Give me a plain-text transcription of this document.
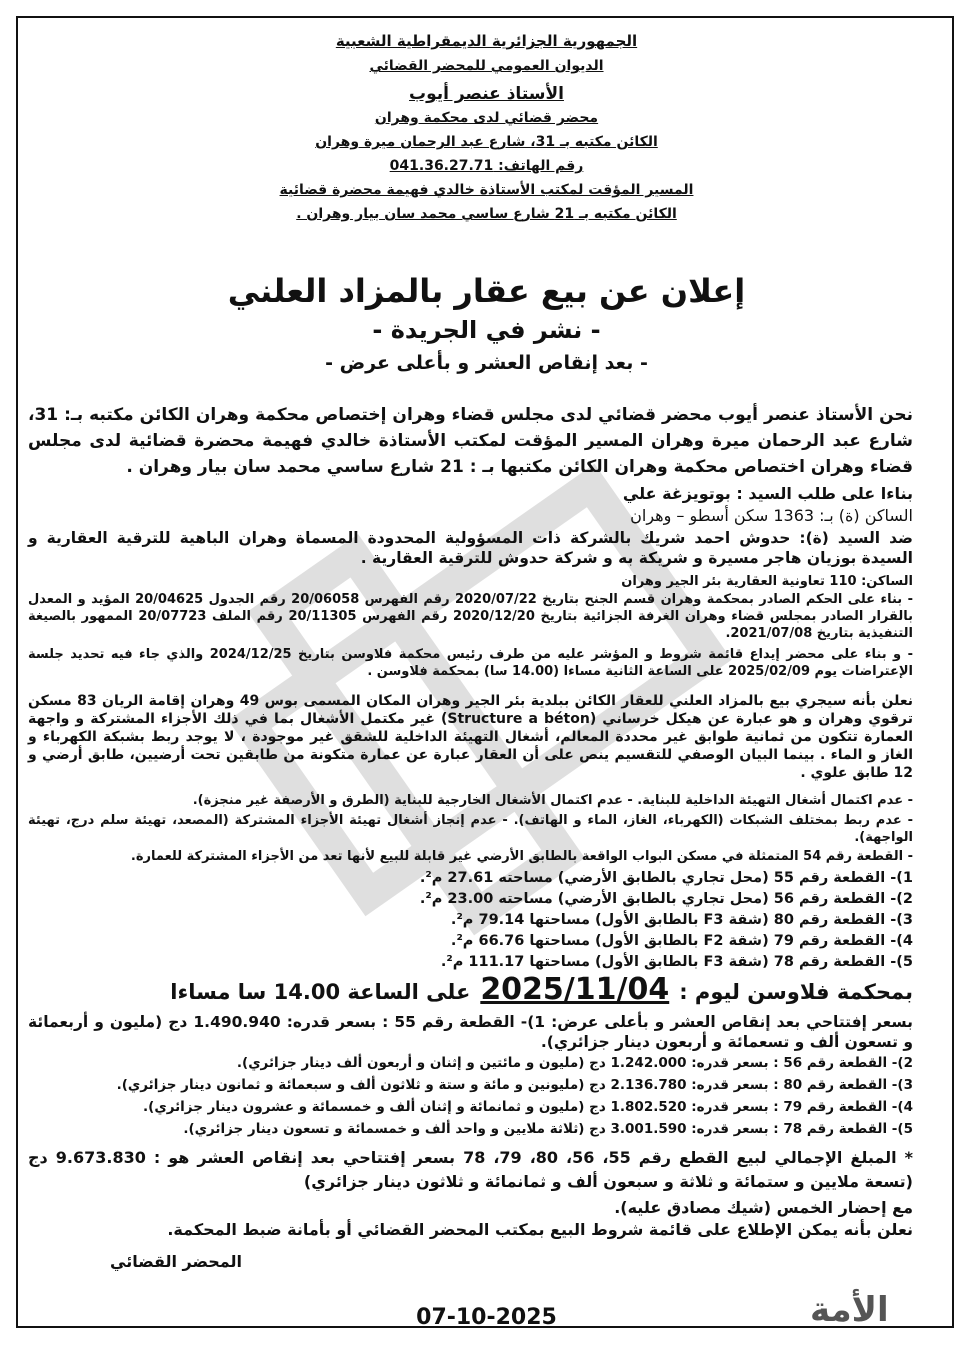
الجمهورية الجزائرية الديمقراطية الشعبية
الديوان العمومي للمحضر القضائي
الأستاذ عنصر أيوب
محضر قضائي لدى محكمة وهران
الكائن مكتبه بـ 31، شارع عبد الرحمان ميرة وهران
رقم الهاتف: 041.36.27.71
المسير المؤقت لمكتب الأستاذة خالدي فهيمة محضرة قضائية
الكائن مكتبه بـ 21 شارع ساسي محمد سان بيار وهران .
إعلان عن بيع عقار بالمزاد العلني
- نشر في الجريدة -
- بعد إنقاص العشر و بأعلى عرض -
نحن الأستاذ عنصر أيوب محضر قضائي لدى مجلس قضاء وهران إختصاص محكمة وهران الكائن مكتبه بـ: 31، شارع عبد الرحمان ميرة وهران المسير المؤقت لمكتب الأستاذة خالدي فهيمة محضرة قضائية لدى مجلس قضاء وهران اختصاص محكمة وهران الكائن مكتبها بـ : 21 شارع ساسي محمد سان بيار وهران .
بناءا على طلب السيد : بوتويزغة علي
الساكن (ة) بـ: 1363 سكن أسطو – وهران
ضد السيد (ة): حدوش احمد شريك بالشركة ذات المسؤولية المحدودة المسماة وهران الباهية للترقية العقارية و السيدة بوزيان هاجر مسيرة و شريكة به و شركة حدوش للترقية العقارية .
الساكن: 110 تعاونية العقارية بئر الجير وهران
- بناء على الحكم الصادر بمحكمة وهران قسم الجنح بتاريخ 2020/07/22 رقم الفهرس 20/06058 رقم الجدول 20/04625 المؤيد و المعدل بالقرار الصادر بمجلس قضاء وهران الغرفة الجزائية بتاريخ 2020/12/20 رقم الفهرس 20/11305 رقم الملف 20/07723 الممهور بالصيغة التنفيذية بتاريخ 2021/07/08.
- و بناء على محضر إيداع قائمة شروط و المؤشر عليه من طرف رئيس محكمة فلاوسن بتاريخ 2024/12/25 والذي جاء فيه تحديد جلسة الإعتراضات يوم 2025/02/09 على الساعة الثانية مساءا (14.00 سا) بمحكمة فلاوسن .
نعلن بأنه سيجري بيع بالمزاد العلني للعقار الكائن ببلدية بئر الجير وهران المكان المسمى بوس 49 وهران إقامة الريان 83 مسكن ترقوي وهران و هو عبارة عن هيكل خرساني (Structure a béton) غير مكتمل الأشغال بما في ذلك الأجزاء المشتركة و واجهة العمارة تتكون من ثمانية طوابق غير محددة المعالم، أشغال التهيئة الداخلية للشقق غير موجودة ، لا يوجد ربط بشبكة الكهرباء و الغاز و الماء . بينما البيان الوصفي للتقسيم ينص على أن العقار عبارة عن عمارة متكونة من طابقين تحت أرضيين، طابق أرضي و 12 طابق علوي .
- عدم اكتمال أشغال التهيئة الداخلية للبناية. - عدم اكتمال الأشغال الخارجية للبناية (الطرق و الأرصفة غير منجزة).
- عدم ربط بمختلف الشبكات (الكهرباء، الغاز، الماء و الهاتف). - عدم إنجاز أشغال تهيئة الأجزاء المشتركة (المصعد، تهيئة سلم درج، تهيئة الواجهة).
- القطعة رقم 54 المتمثلة في مسكن البواب الواقعة بالطابق الأرضي غير قابلة للبيع لأنها تعد من الأجزاء المشتركة للعمارة.
1)- القطعة رقم 55 (محل تجاري بالطابق الأرضي) مساحته 27.61 م².
2)- القطعة رقم 56 (محل تجاري بالطابق الأرضي) مساحته 23.00 م².
3)- القطعة رقم 80 (شقة F3 بالطابق الأول) مساحتها 79.14 م².
4)- القطعة رقم 79 (شقة F2 بالطابق الأول) مساحتها 66.76 م².
5)- القطعة رقم 78 (شقة F3 بالطابق الأول) مساحتها 111.17 م².
بمحكمة فلاوسن ليوم :
2025/11/04
على الساعة 14.00 سا مساءا
بسعر إفتتاحي بعد إنقاص العشر و بأعلى عرض: 1)- القطعة رقم 55 : بسعر قدره: 1.490.940 دج (مليون و أربعمائة و تسعون ألف و تسعمائة و أربعون دينار جزائري).
2)- القطعة رقم 56 : بسعر قدره: 1.242.000 دج (مليون و مائتين و إثنان و أربعون ألف دينار جزائري).
3)- القطعة رقم 80 : بسعر قدره: 2.136.780 دج (مليونين و مائة و ستة و ثلاثون ألف و سبعمائة و ثمانون دينار جزائري).
4)- القطعة رقم 79 : بسعر قدره: 1.802.520 دج (مليون و ثمانمائة و إثنان ألف و خمسمائة و عشرون دينار جزائري).
5)- القطعة رقم 78 : بسعر قدره: 3.001.590 دج (ثلاثة ملايين و واحد ألف و خمسمائة و تسعون دينار جزائري).
* المبلغ الإجمالي لبيع القطع رقم 55، 56، 80، 79، 78 بسعر إفتتاحي بعد إنقاص العشر هو : 9.673.830 دج (تسعة ملايين و ستمائة و ثلاثة و سبعون ألف و ثمانمائة و ثلاثون دينار جزائري)
مع إحضار الخمس (شيك مصادق عليه).
نعلن بأنه يمكن الإطلاع على قائمة شروط البيع بمكتب المحضر القضائي أو بأمانة ضبط المحكمة.
المحضر القضائي
07-10-2025	الأمة
